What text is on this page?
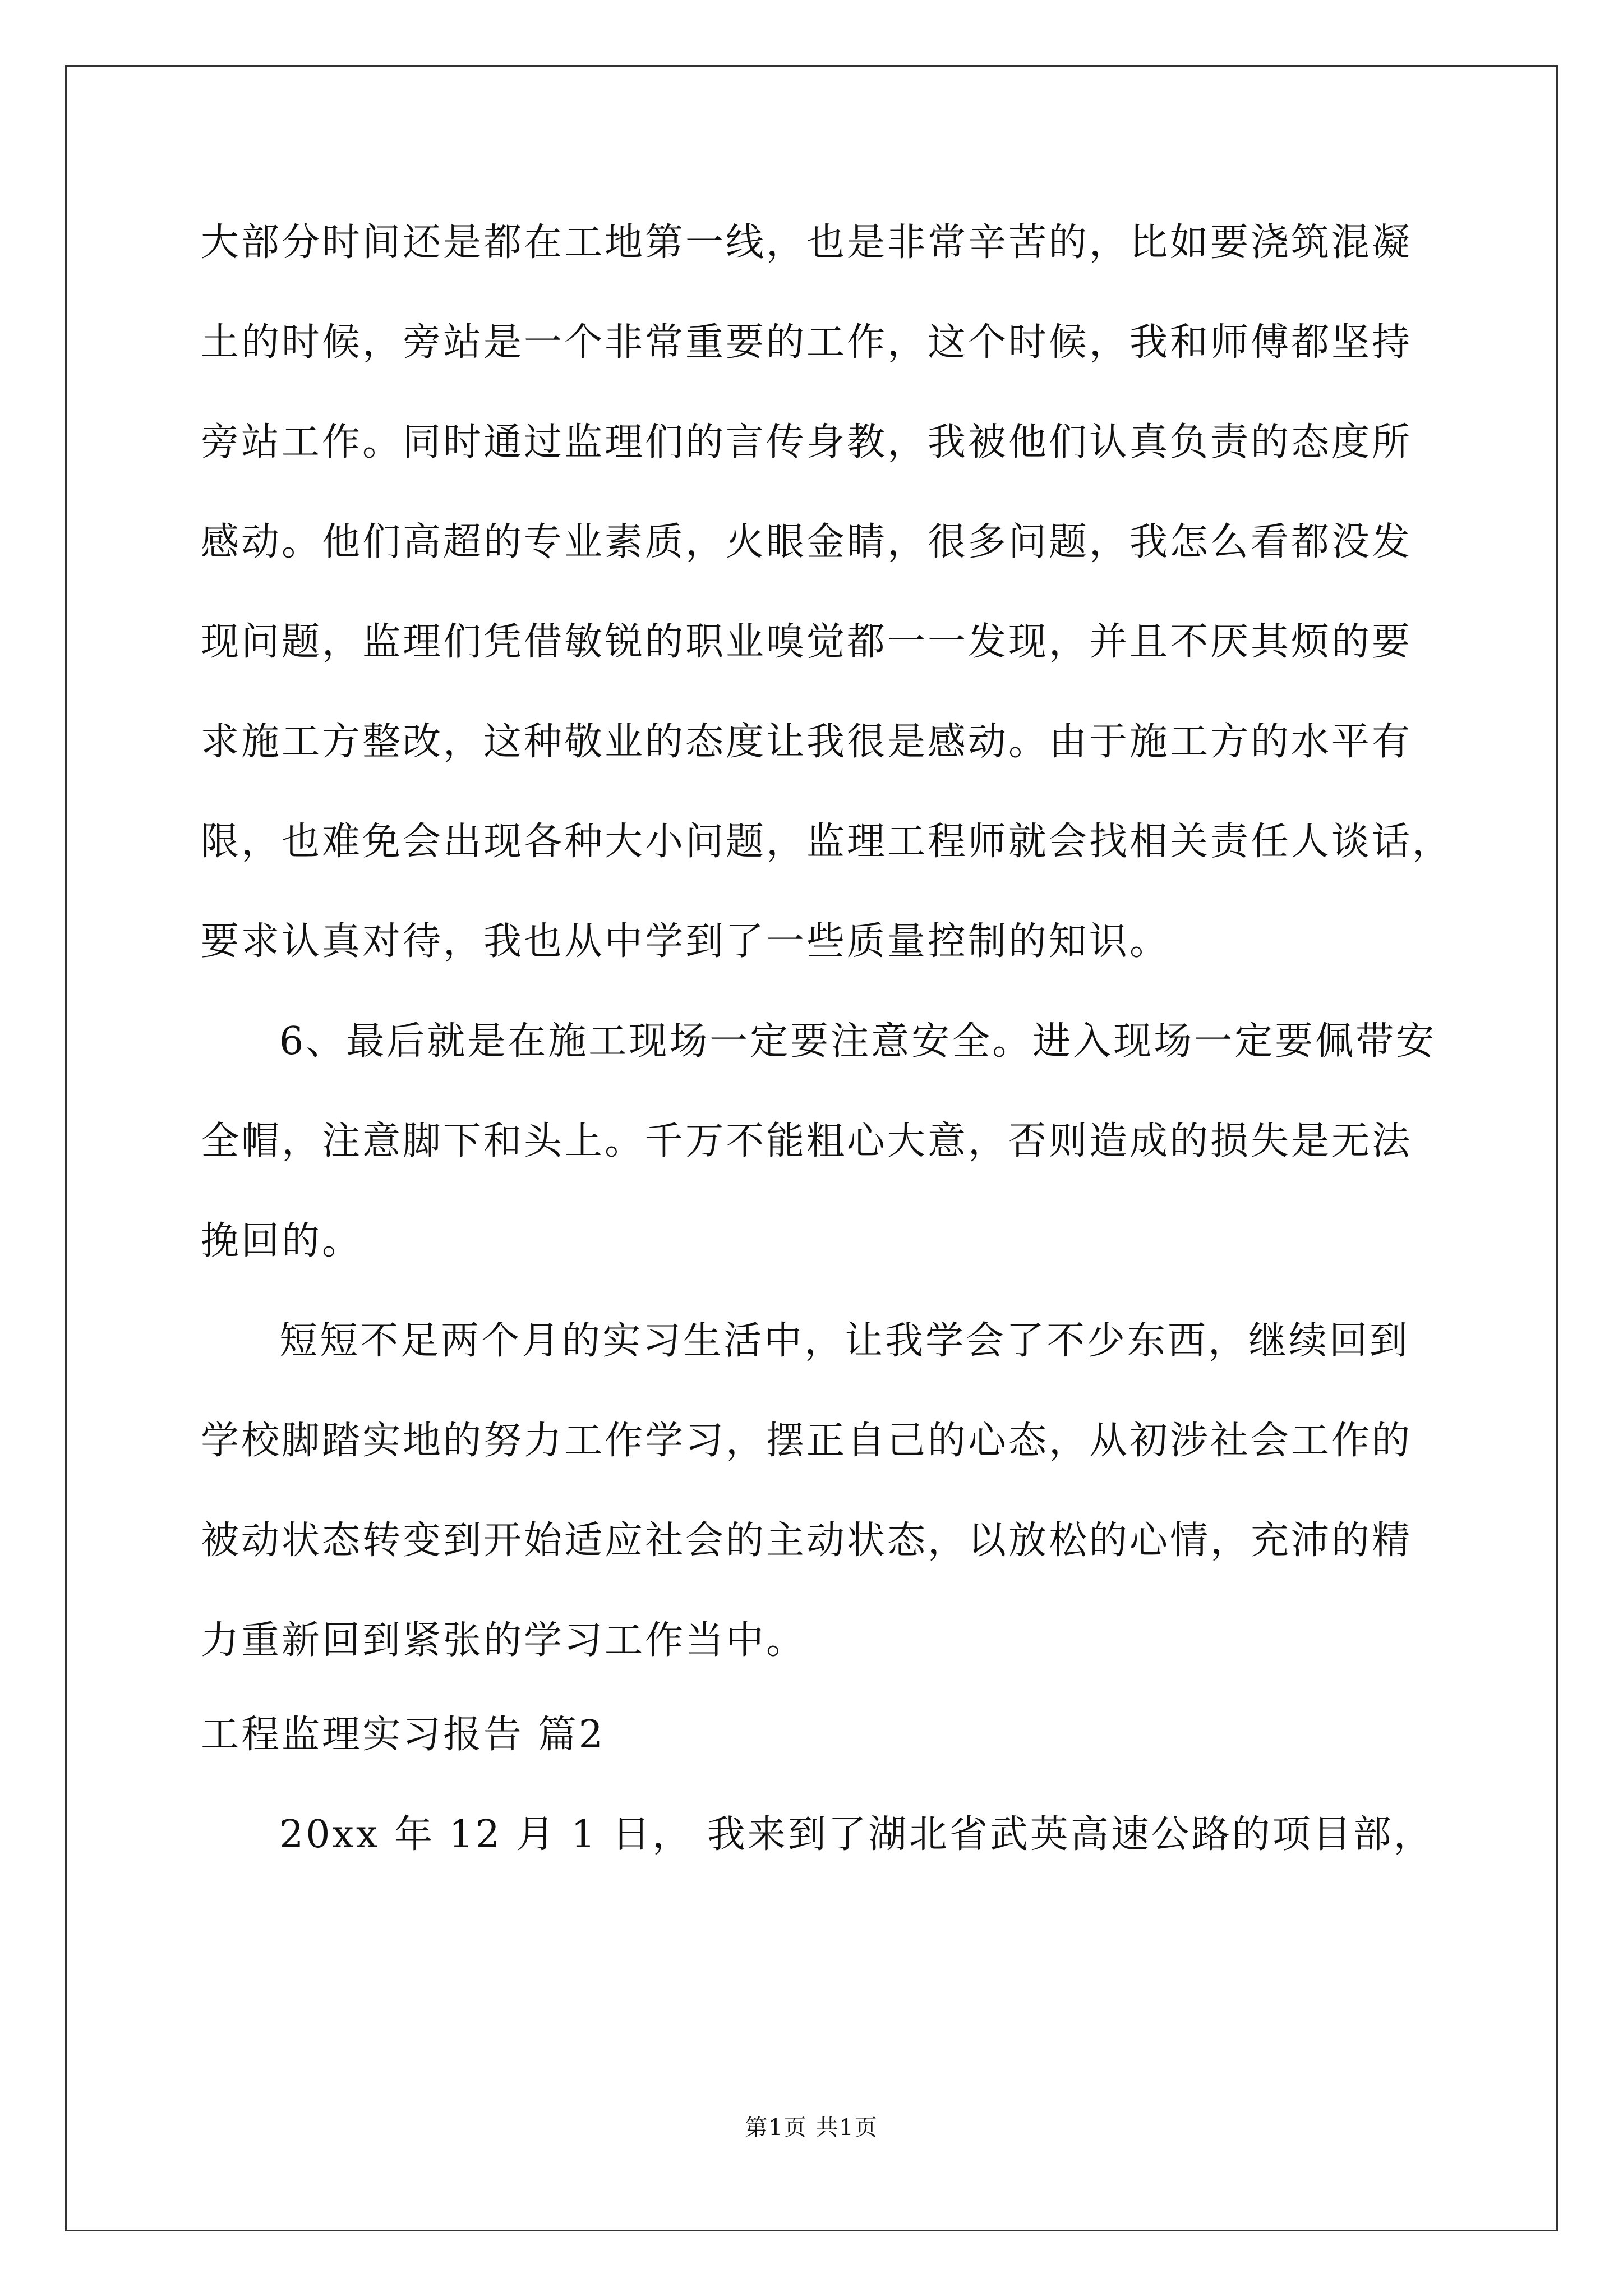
大部分时间还是都在工地第一线，也是非常辛苦的，比如要浇筑混凝
土的时候，旁站是一个非常重要的工作，这个时候，我和师傅都坚持
旁站工作。同时通过监理们的言传身教，我被他们认真负责的态度所
感动。他们高超的专业素质，火眼金睛，很多问题，我怎么看都没发
现问题，监理们凭借敏锐的职业嗅觉都一一发现，并且不厌其烦的要
求施工方整改，这种敬业的态度让我很是感动。由于施工方的水平有
限，也难免会出现各种大小问题，监理工程师就会找相关责任人谈话，
要求认真对待，我也从中学到了一些质量控制的知识。
6、最后就是在施工现场一定要注意安全。进入现场一定要佩带安
全帽，注意脚下和头上。千万不能粗心大意，否则造成的损失是无法
挽回的。
短短不足两个月的实习生活中，让我学会了不少东西，继续回到
学校脚踏实地的努力工作学习，摆正自己的心态，从初涉社会工作的
被动状态转变到开始适应社会的主动状态，以放松的心情，充沛的精
力重新回到紧张的学习工作当中。
工程监理实习报告 篇2
20xx 年 12 月 1 日， 我来到了湖北省武英高速公路的项目部，
第1页 共1页
